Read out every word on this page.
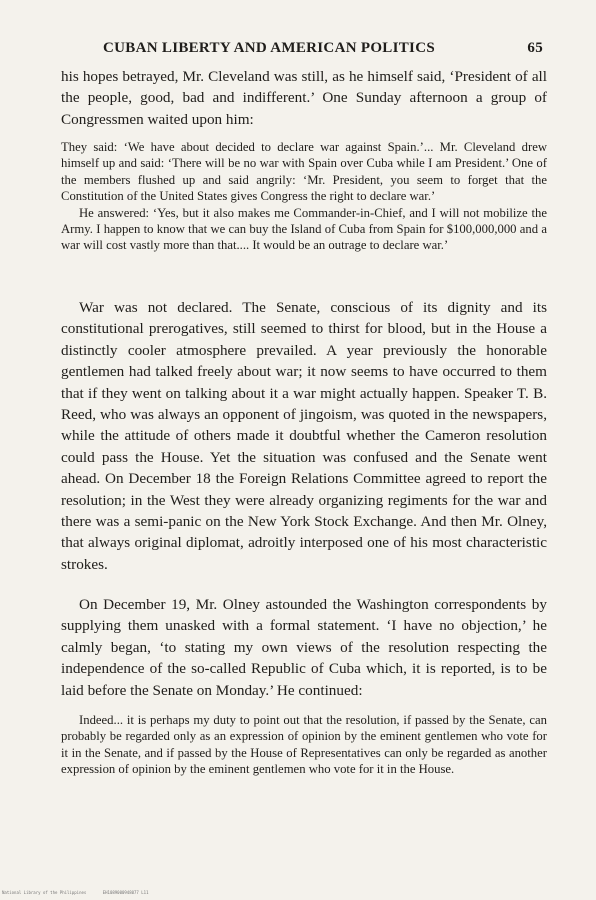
CUBAN LIBERTY AND AMERICAN POLITICS	65

his hopes betrayed, Mr. Cleveland was still, as he himself said, ‘President of all the people, good, bad and indifferent.’ One Sunday afternoon a group of Congressmen waited upon him:

They said: ‘We have about decided to declare war against Spain.’... Mr. Cleveland drew himself up and said: ‘There will be no war with Spain over Cuba while I am President.’ One of the members flushed up and said angrily: ‘Mr. President, you seem to forget that the Constitution of the United States gives Congress the right to declare war.’

He answered: ‘Yes, but it also makes me Commander-in-Chief, and I will not mobilize the Army. I happen to know that we can buy the Island of Cuba from Spain for $100,000,000 and a war will cost vastly more than that.... It would be an outrage to declare war.’

War was not declared. The Senate, conscious of its dignity and its constitutional prerogatives, still seemed to thirst for blood, but in the House a distinctly cooler atmosphere prevailed. A year previously the honorable gentlemen had talked freely about war; it now seems to have occurred to them that if they went on talking about it a war might actually happen. Speaker T. B. Reed, who was always an opponent of jingoism, was quoted in the newspapers, while the attitude of others made it doubtful whether the Cameron resolution could pass the House. Yet the situation was confused and the Senate went ahead. On December 18 the Foreign Relations Committee agreed to report the resolution; in the West they were already organizing regiments for the war and there was a semi-panic on the New York Stock Exchange. And then Mr. Olney, that always original diplomat, adroitly interposed one of his most characteristic strokes.

On December 19, Mr. Olney astounded the Washington correspondents by supplying them unasked with a formal statement. ‘I have no objection,’ he calmly began, ‘to stating my own views of the resolution respecting the independence of the so-called Republic of Cuba which, it is reported, is to be laid before the Senate on Monday.’ He continued:

Indeed... it is perhaps my duty to point out that the resolution, if passed by the Senate, can probably be regarded only as an expression of opinion by the eminent gentlemen who vote for it in the Senate, and if passed by the House of Representatives can only be regarded as another expression of opinion by the eminent gentlemen who vote for it in the House.

National Library of the Philippines	EH1089000948077 L11
